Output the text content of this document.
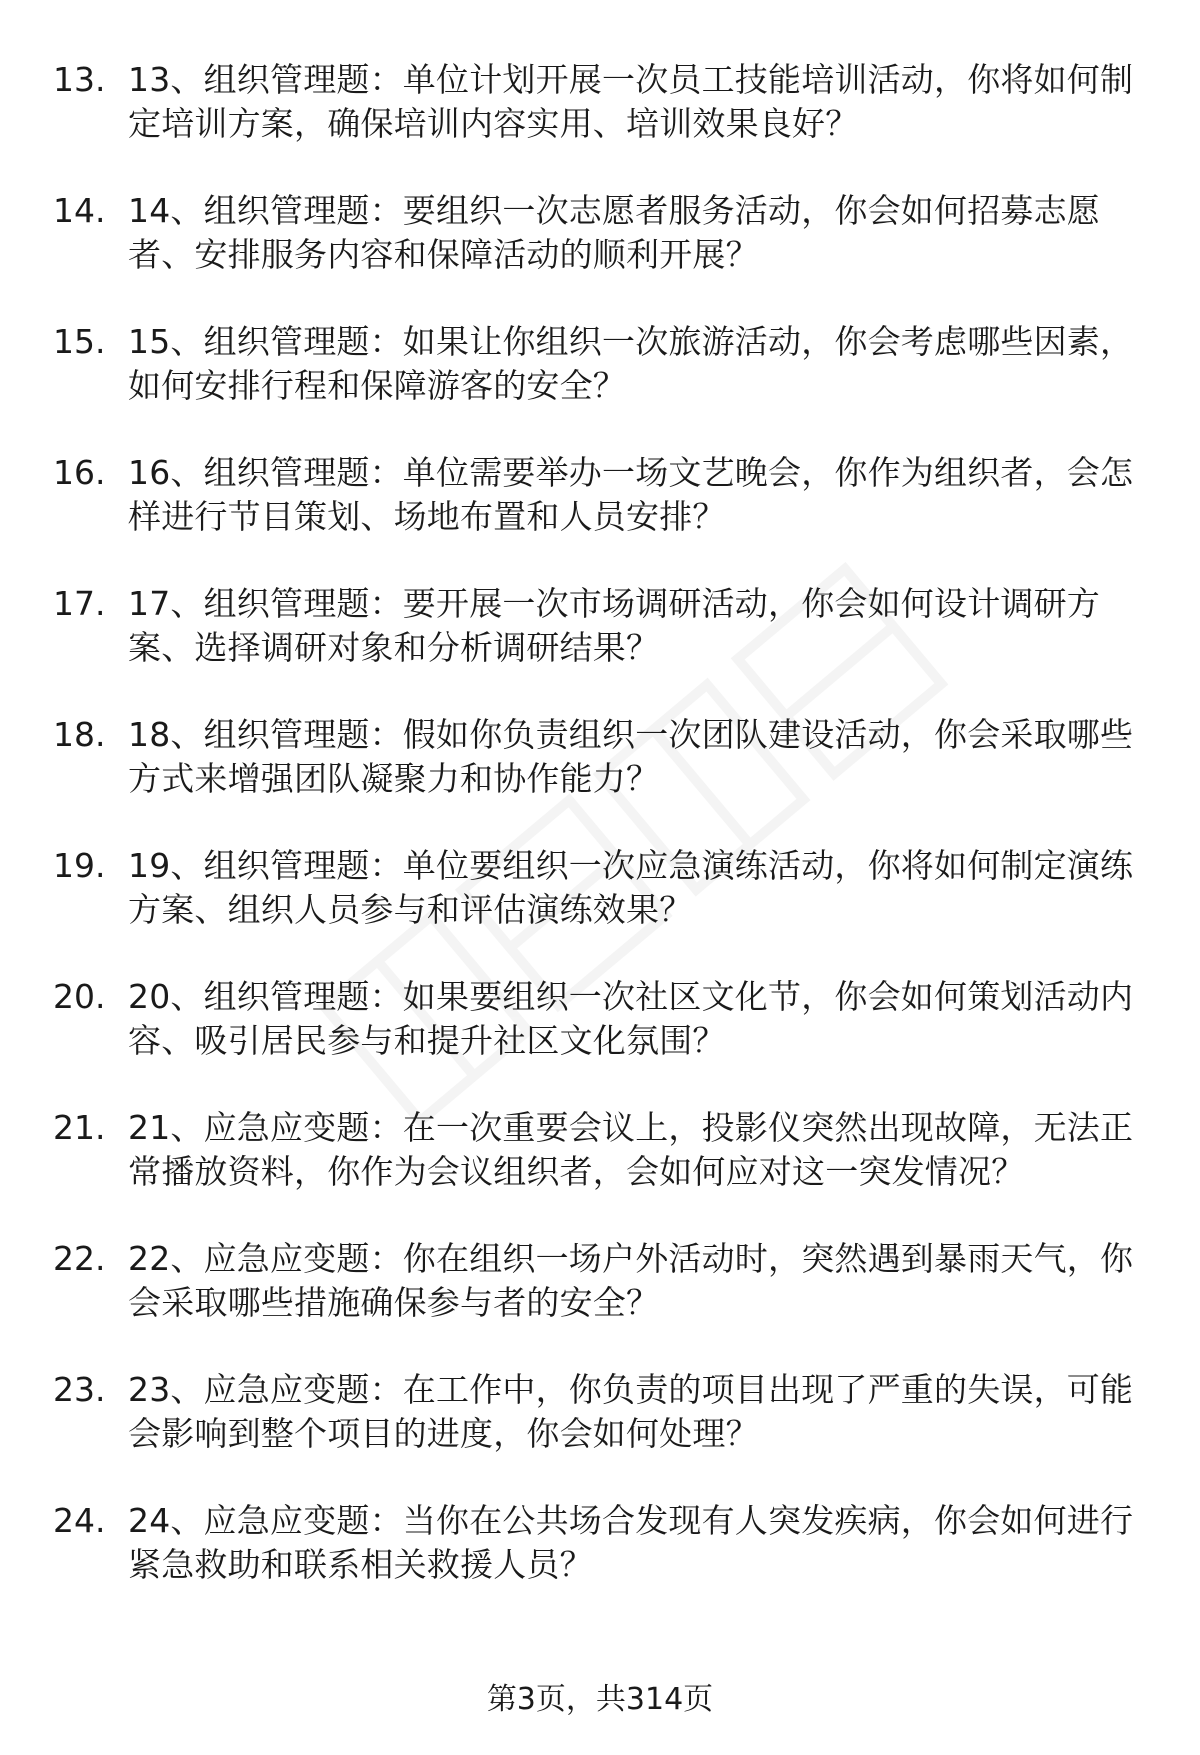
13. 13、组织管理题：单位计划开展一次员工技能培训活动，你将如何制定培训方案，确保培训内容实用、培训效果良好？
14. 14、组织管理题：要组织一次志愿者服务活动，你会如何招募志愿者、安排服务内容和保障活动的顺利开展？
15. 15、组织管理题：如果让你组织一次旅游活动，你会考虑哪些因素，如何安排行程和保障游客的安全？
16. 16、组织管理题：单位需要举办一场文艺晚会，你作为组织者，会怎样进行节目策划、场地布置和人员安排？
17. 17、组织管理题：要开展一次市场调研活动，你会如何设计调研方案、选择调研对象和分析调研结果？
18. 18、组织管理题：假如你负责组织一次团队建设活动，你会采取哪些方式来增强团队凝聚力和协作能力？
19. 19、组织管理题：单位要组织一次应急演练活动，你将如何制定演练方案、组织人员参与和评估演练效果？
20. 20、组织管理题：如果要组织一次社区文化节，你会如何策划活动内容、吸引居民参与和提升社区文化氛围？
21. 21、应急应变题：在一次重要会议上，投影仪突然出现故障，无法正常播放资料，你作为会议组织者，会如何应对这一突发情况？
22. 22、应急应变题：你在组织一场户外活动时，突然遇到暴雨天气，你会采取哪些措施确保参与者的安全？
23. 23、应急应变题：在工作中，你负责的项目出现了严重的失误，可能会影响到整个项目的进度，你会如何处理？
24. 24、应急应变题：当你在公共场合发现有人突发疾病，你会如何进行紧急救助和联系相关救援人员？
第3页，共314页
